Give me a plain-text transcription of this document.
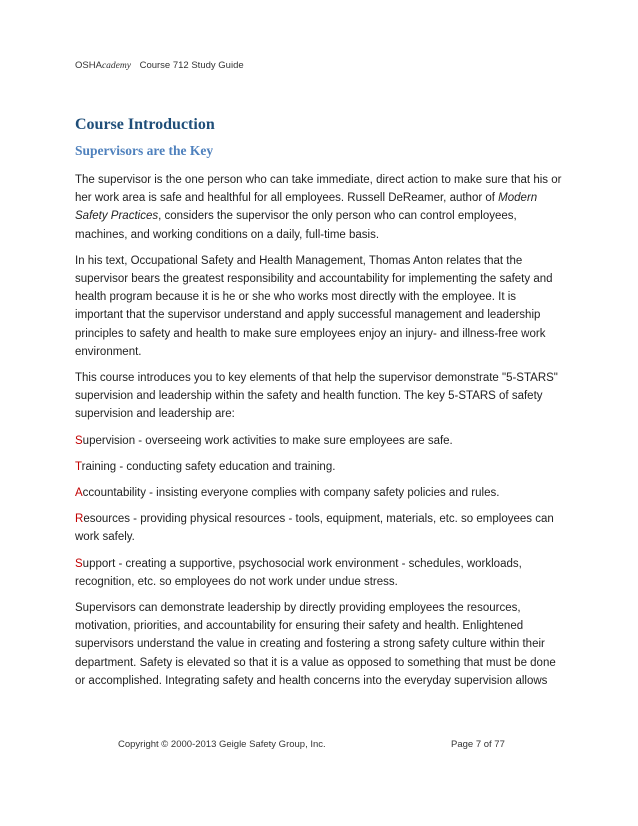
OSHAcademy Course 712 Study Guide
Course Introduction
Supervisors are the Key

The supervisor is the one person who can take immediate, direct action to make sure that his or her work area is safe and healthful for all employees. Russell DeReamer, author of Modern Safety Practices, considers the supervisor the only person who can control employees, machines, and working conditions on a daily, full-time basis.

In his text, Occupational Safety and Health Management, Thomas Anton relates that the supervisor bears the greatest responsibility and accountability for implementing the safety and health program because it is he or she who works most directly with the employee. It is important that the supervisor understand and apply successful management and leadership principles to safety and health to make sure employees enjoy an injury- and illness-free work environment.

This course introduces you to key elements of that help the supervisor demonstrate "5-STARS" supervision and leadership within the safety and health function. The key 5-STARS of safety supervision and leadership are:

Supervision - overseeing work activities to make sure employees are safe.

Training - conducting safety education and training.

Accountability - insisting everyone complies with company safety policies and rules.

Resources - providing physical resources - tools, equipment, materials, etc. so employees can work safely.

Support - creating a supportive, psychosocial work environment - schedules, workloads, recognition, etc. so employees do not work under undue stress.

Supervisors can demonstrate leadership by directly providing employees the resources, motivation, priorities, and accountability for ensuring their safety and health. Enlightened supervisors understand the value in creating and fostering a strong safety culture within their department. Safety is elevated so that it is a value as opposed to something that must be done or accomplished. Integrating safety and health concerns into the everyday supervision allows

Copyright © 2000-2013 Geigle Safety Group, Inc.	Page 7 of 77
